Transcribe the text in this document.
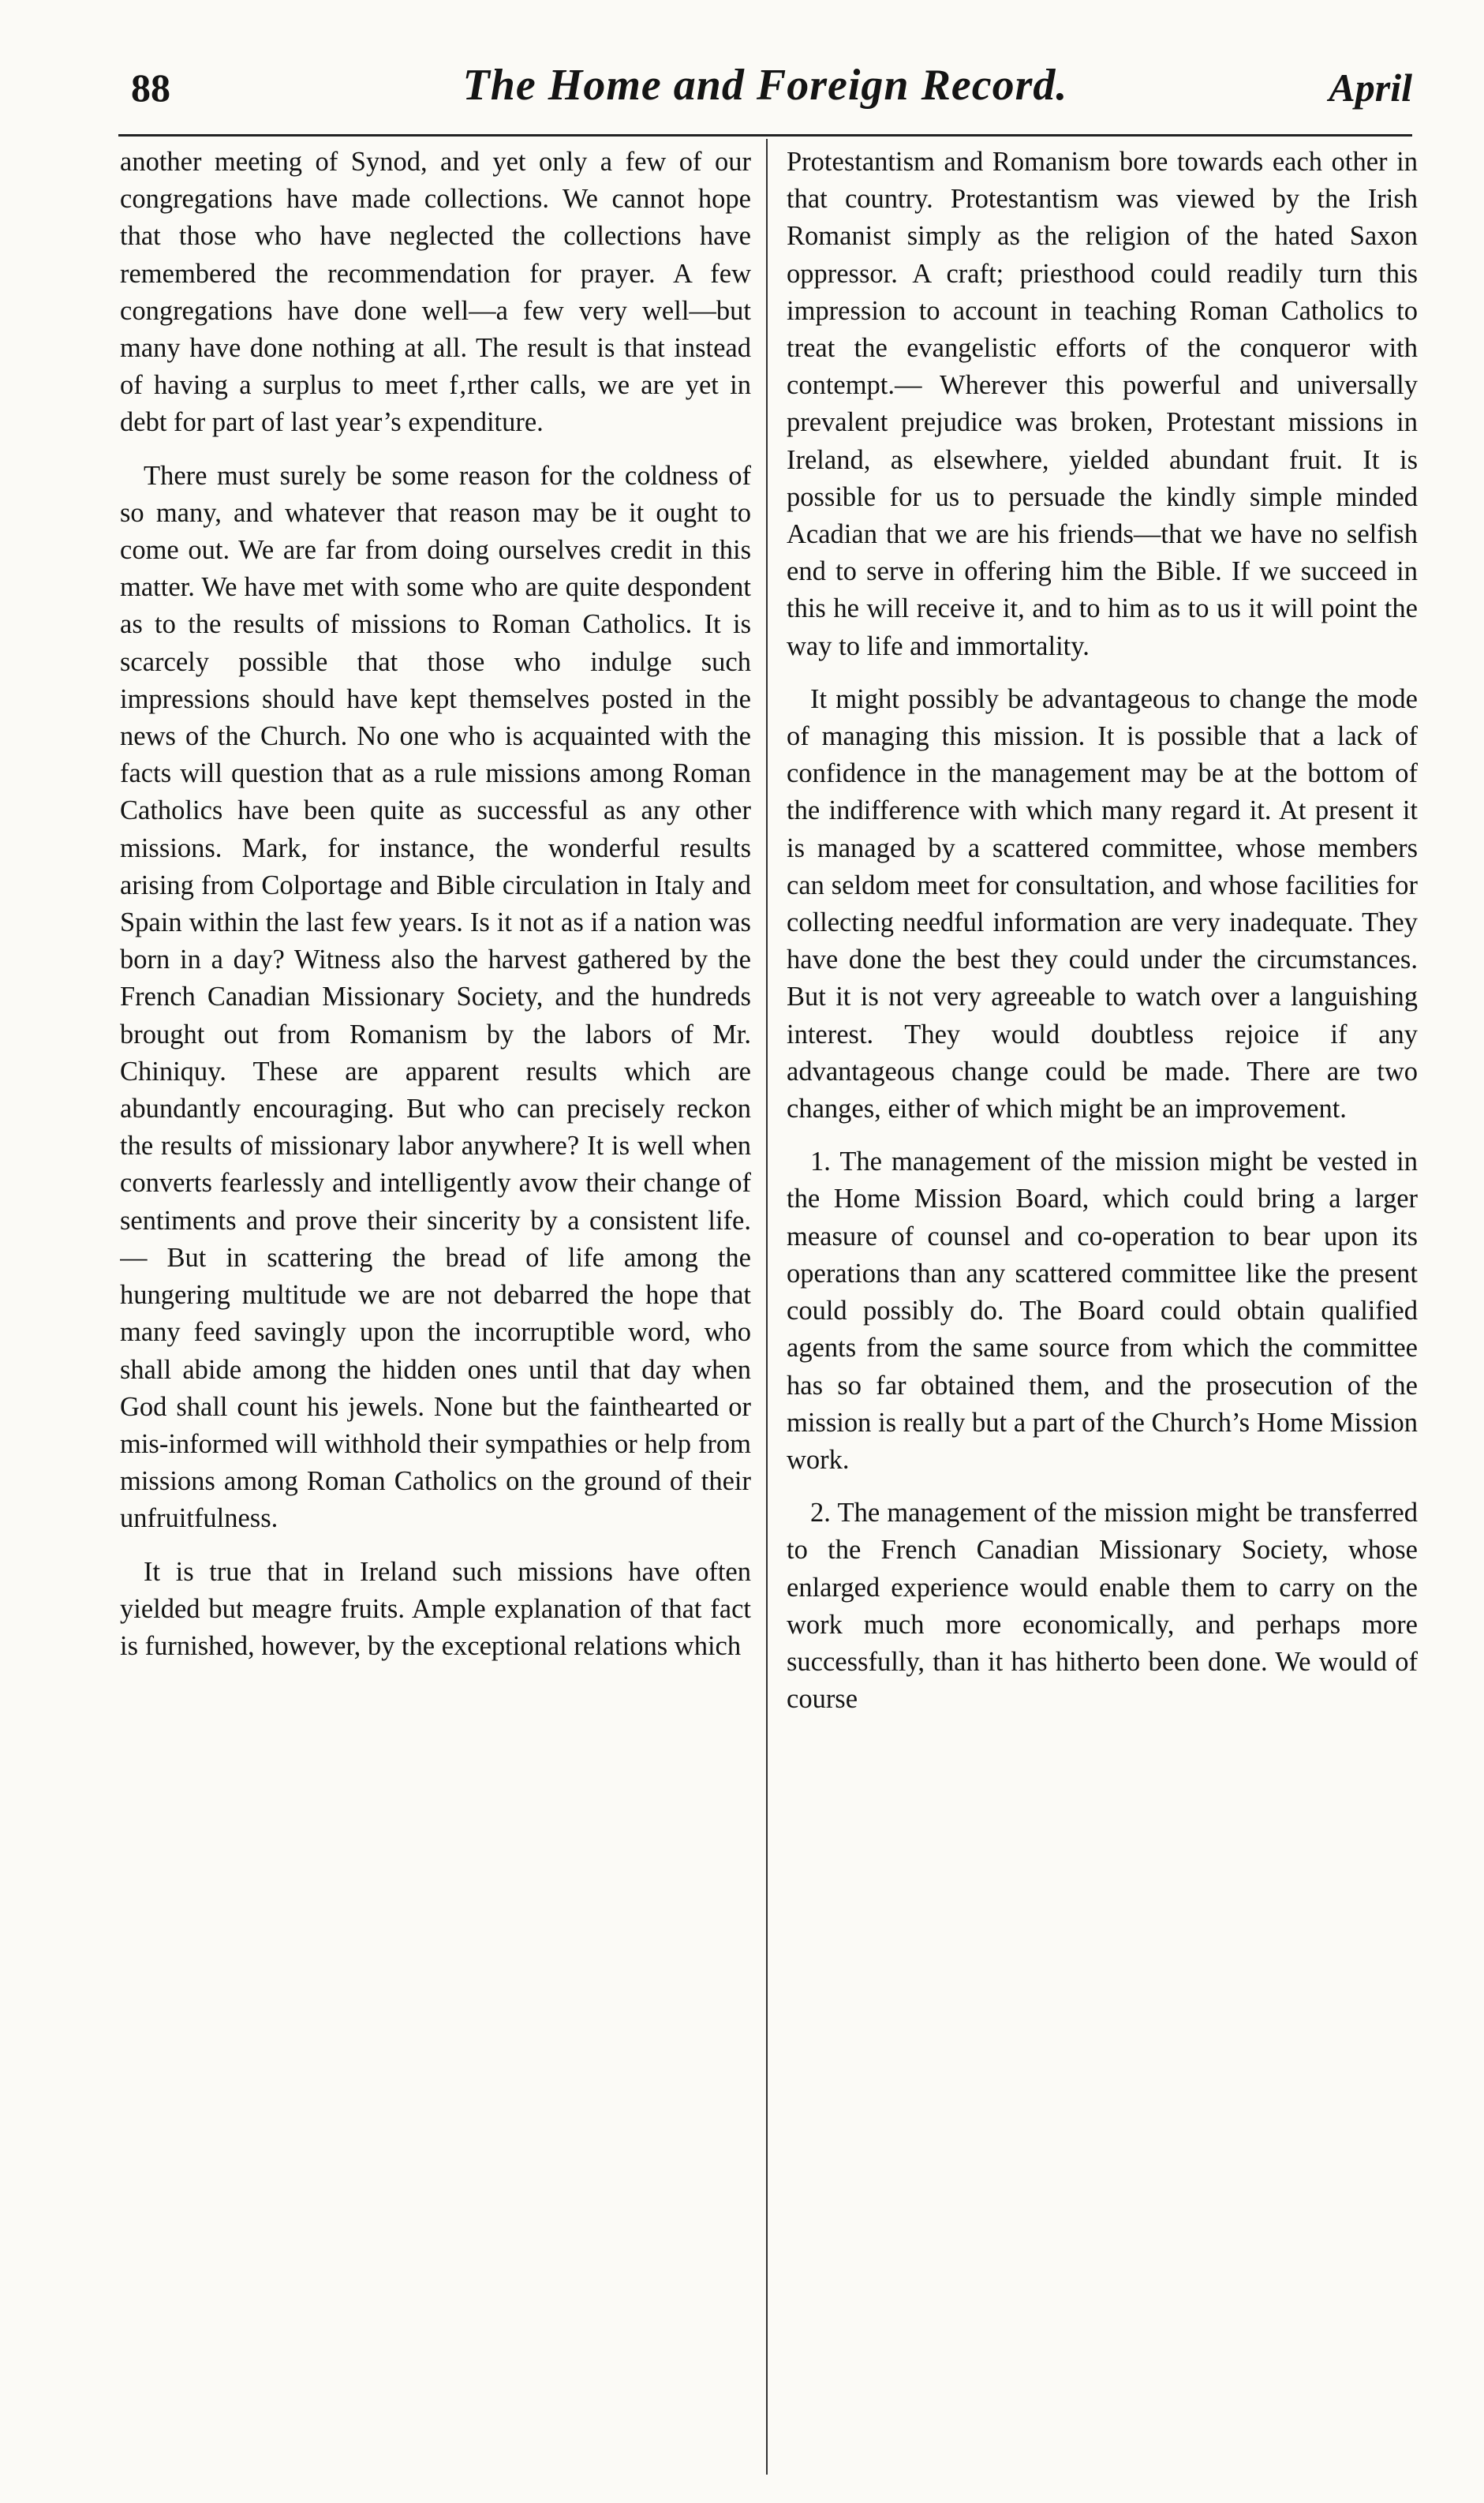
88	The Home and Foreign Record.	April

another meeting of Synod, and yet only a few of our congregations have made collections. We cannot hope that those who have neglected the collections have remembered the recommendation for prayer. A few congregations have done well—a few very well—but many have done nothing at all. The result is that instead of having a surplus to meet f‚rther calls, we are yet in debt for part of last year’s expenditure.

There must surely be some reason for the coldness of so many, and whatever that reason may be it ought to come out. We are far from doing ourselves credit in this matter. We have met with some who are quite despondent as to the results of missions to Roman Catholics. It is scarcely possible that those who indulge such impressions should have kept themselves posted in the news of the Church. No one who is acquainted with the facts will question that as a rule missions among Roman Catholics have been quite as successful as any other missions. Mark, for instance, the wonderful results arising from Colportage and Bible circulation in Italy and Spain within the last few years. Is it not as if a nation was born in a day? Witness also the harvest gathered by the French Canadian Missionary Society, and the hundreds brought out from Romanism by the labors of Mr. Chiniquy. These are apparent results which are abundantly encouraging. But who can precisely reckon the results of missionary labor anywhere? It is well when converts fearlessly and intelligently avow their change of sentiments and prove their sincerity by a consistent life.— But in scattering the bread of life among the hungering multitude we are not debarred the hope that many feed savingly upon the incorruptible word, who shall abide among the hidden ones until that day when God shall count his jewels. None but the fainthearted or mis-informed will withhold their sympathies or help from missions among Roman Catholics on the ground of their unfruitfulness.

It is true that in Ireland such missions have often yielded but meagre fruits. Ample explanation of that fact is furnished, however, by the exceptional relations which

Protestantism and Romanism bore towards each other in that country. Protestantism was viewed by the Irish Romanist simply as the religion of the hated Saxon oppressor. A craft; priesthood could readily turn this impression to account in teaching Roman Catholics to treat the evangelistic efforts of the conqueror with contempt.— Wherever this powerful and universally prevalent prejudice was broken, Protestant missions in Ireland, as elsewhere, yielded abundant fruit. It is possible for us to persuade the kindly simple minded Acadian that we are his friends—that we have no selfish end to serve in offering him the Bible. If we succeed in this he will receive it, and to him as to us it will point the way to life and immortality.

It might possibly be advantageous to change the mode of managing this mission. It is possible that a lack of confidence in the management may be at the bottom of the indifference with which many regard it. At present it is managed by a scattered committee, whose members can seldom meet for consultation, and whose facilities for collecting needful information are very inadequate. They have done the best they could under the circumstances. But it is not very agreeable to watch over a languishing interest. They would doubtless rejoice if any advantageous change could be made. There are two changes, either of which might be an improvement.

1. The management of the mission might be vested in the Home Mission Board, which could bring a larger measure of counsel and co-operation to bear upon its operations than any scattered committee like the present could possibly do. The Board could obtain qualified agents from the same source from which the committee has so far obtained them, and the prosecution of the mission is really but a part of the Church’s Home Mission work.

2. The management of the mission might be transferred to the French Canadian Missionary Society, whose enlarged experience would enable them to carry on the work much more economically, and perhaps more successfully, than it has hitherto been done. We would of course
